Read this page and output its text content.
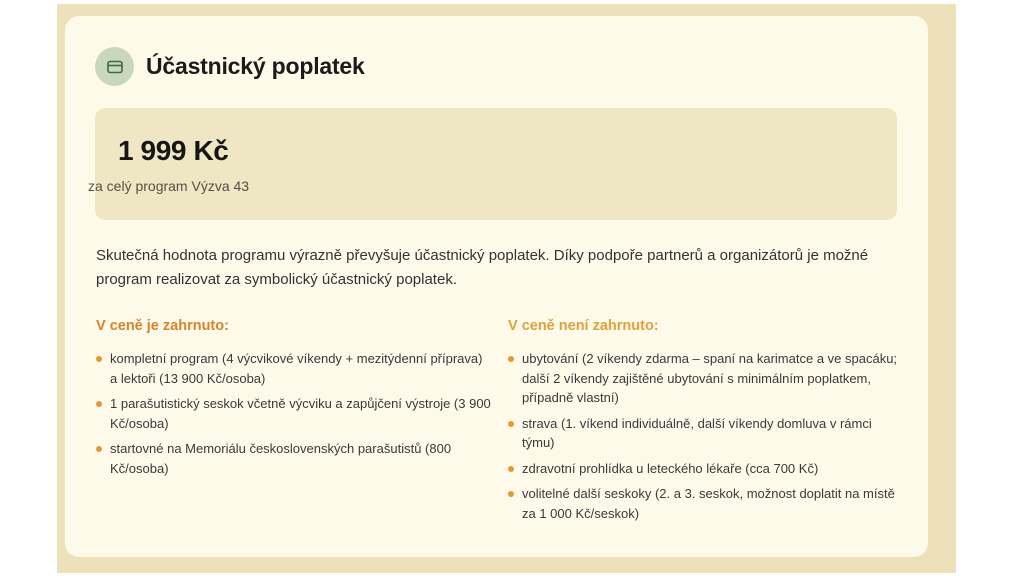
Účastnický poplatek
1 999 Kč
za celý program Výzva 43
Skutečná hodnota programu výrazně převyšuje účastnický poplatek. Díky podpoře partnerů a organizátorů je možné program realizovat za symbolický účastnický poplatek.
V ceně je zahrnuto:
kompletní program (4 výcvikové víkendy + mezitýdenní příprava) a lektoři (13 900 Kč/osoba)
1 parašutistický seskok včetně výcviku a zapůjčení výstroje (3 900 Kč/osoba)
startovné na Memoriálu československých parašutistů (800 Kč/osoba)
V ceně není zahrnuto:
ubytování (2 víkendy zdarma – spaní na karimatce a ve spacáku; další 2 víkendy zajištěné ubytování s minimálním poplatkem, případně vlastní)
strava (1. víkend individuálně, další víkendy domluva v rámci týmu)
zdravotní prohlídka u leteckého lékaře (cca 700 Kč)
volitelné další seskoky (2. a 3. seskok, možnost doplatit na místě za 1 000 Kč/seskok)
